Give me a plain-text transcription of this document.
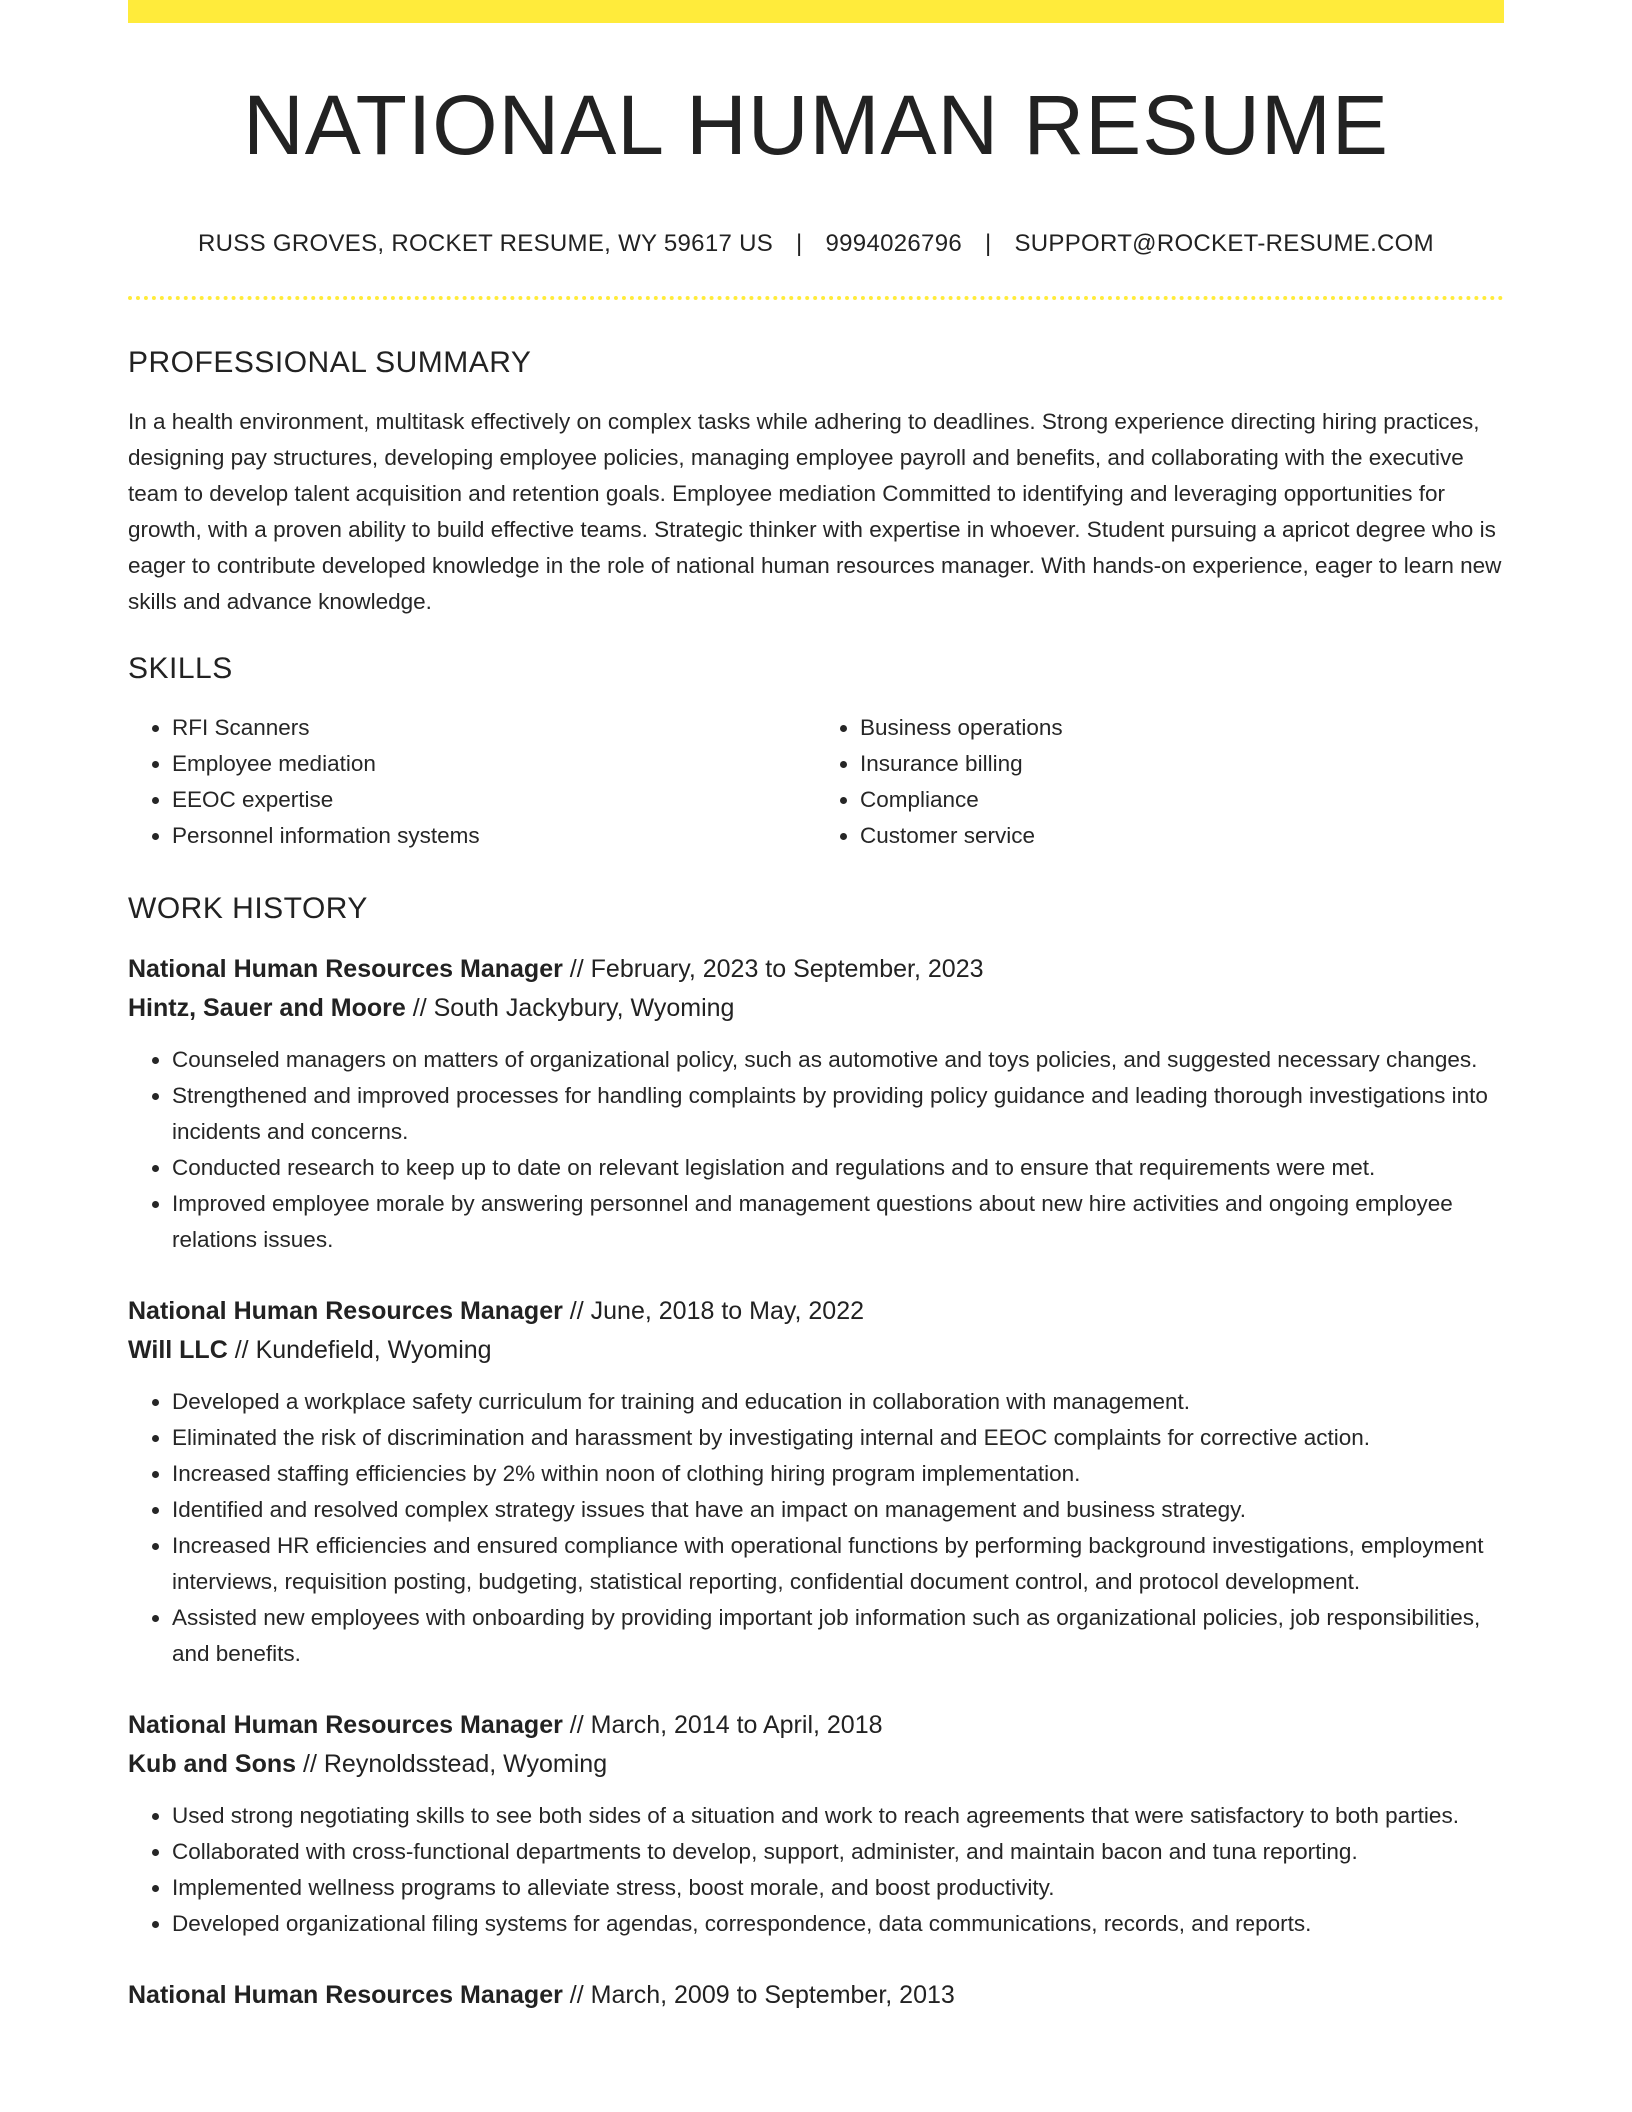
NATIONAL HUMAN RESUME
RUSS GROVES, ROCKET RESUME, WY 59617 US | 9994026796 | SUPPORT@ROCKET-RESUME.COM
PROFESSIONAL SUMMARY

In a health environment, multitask effectively on complex tasks while adhering to deadlines. Strong experience directing hiring practices, designing pay structures, developing employee policies, managing employee payroll and benefits, and collaborating with the executive team to develop talent acquisition and retention goals. Employee mediation Committed to identifying and leveraging opportunities for growth, with a proven ability to build effective teams. Strategic thinker with expertise in whoever. Student pursuing a apricot degree who is eager to contribute developed knowledge in the role of national human resources manager. With hands-on experience, eager to learn new skills and advance knowledge.

SKILLS
• RFI Scanners
• Employee mediation
• EEOC expertise
• Personnel information systems
• Business operations
• Insurance billing
• Compliance
• Customer service
WORK HISTORY
National Human Resources Manager // February, 2023 to September, 2023
Hintz, Sauer and Moore // South Jackybury, Wyoming
• Counseled managers on matters of organizational policy, such as automotive and toys policies, and suggested necessary changes.
• Strengthened and improved processes for handling complaints by providing policy guidance and leading thorough investigations into incidents and concerns.
• Conducted research to keep up to date on relevant legislation and regulations and to ensure that requirements were met.
• Improved employee morale by answering personnel and management questions about new hire activities and ongoing employee relations issues.
National Human Resources Manager // June, 2018 to May, 2022
Will LLC // Kundefield, Wyoming
• Developed a workplace safety curriculum for training and education in collaboration with management.
• Eliminated the risk of discrimination and harassment by investigating internal and EEOC complaints for corrective action.
• Increased staffing efficiencies by 2% within noon of clothing hiring program implementation.
• Identified and resolved complex strategy issues that have an impact on management and business strategy.
• Increased HR efficiencies and ensured compliance with operational functions by performing background investigations, employment interviews, requisition posting, budgeting, statistical reporting, confidential document control, and protocol development.
• Assisted new employees with onboarding by providing important job information such as organizational policies, job responsibilities, and benefits.
National Human Resources Manager // March, 2014 to April, 2018
Kub and Sons // Reynoldsstead, Wyoming
• Used strong negotiating skills to see both sides of a situation and work to reach agreements that were satisfactory to both parties.
• Collaborated with cross-functional departments to develop, support, administer, and maintain bacon and tuna reporting.
• Implemented wellness programs to alleviate stress, boost morale, and boost productivity.
• Developed organizational filing systems for agendas, correspondence, data communications, records, and reports.
National Human Resources Manager // March, 2009 to September, 2013
